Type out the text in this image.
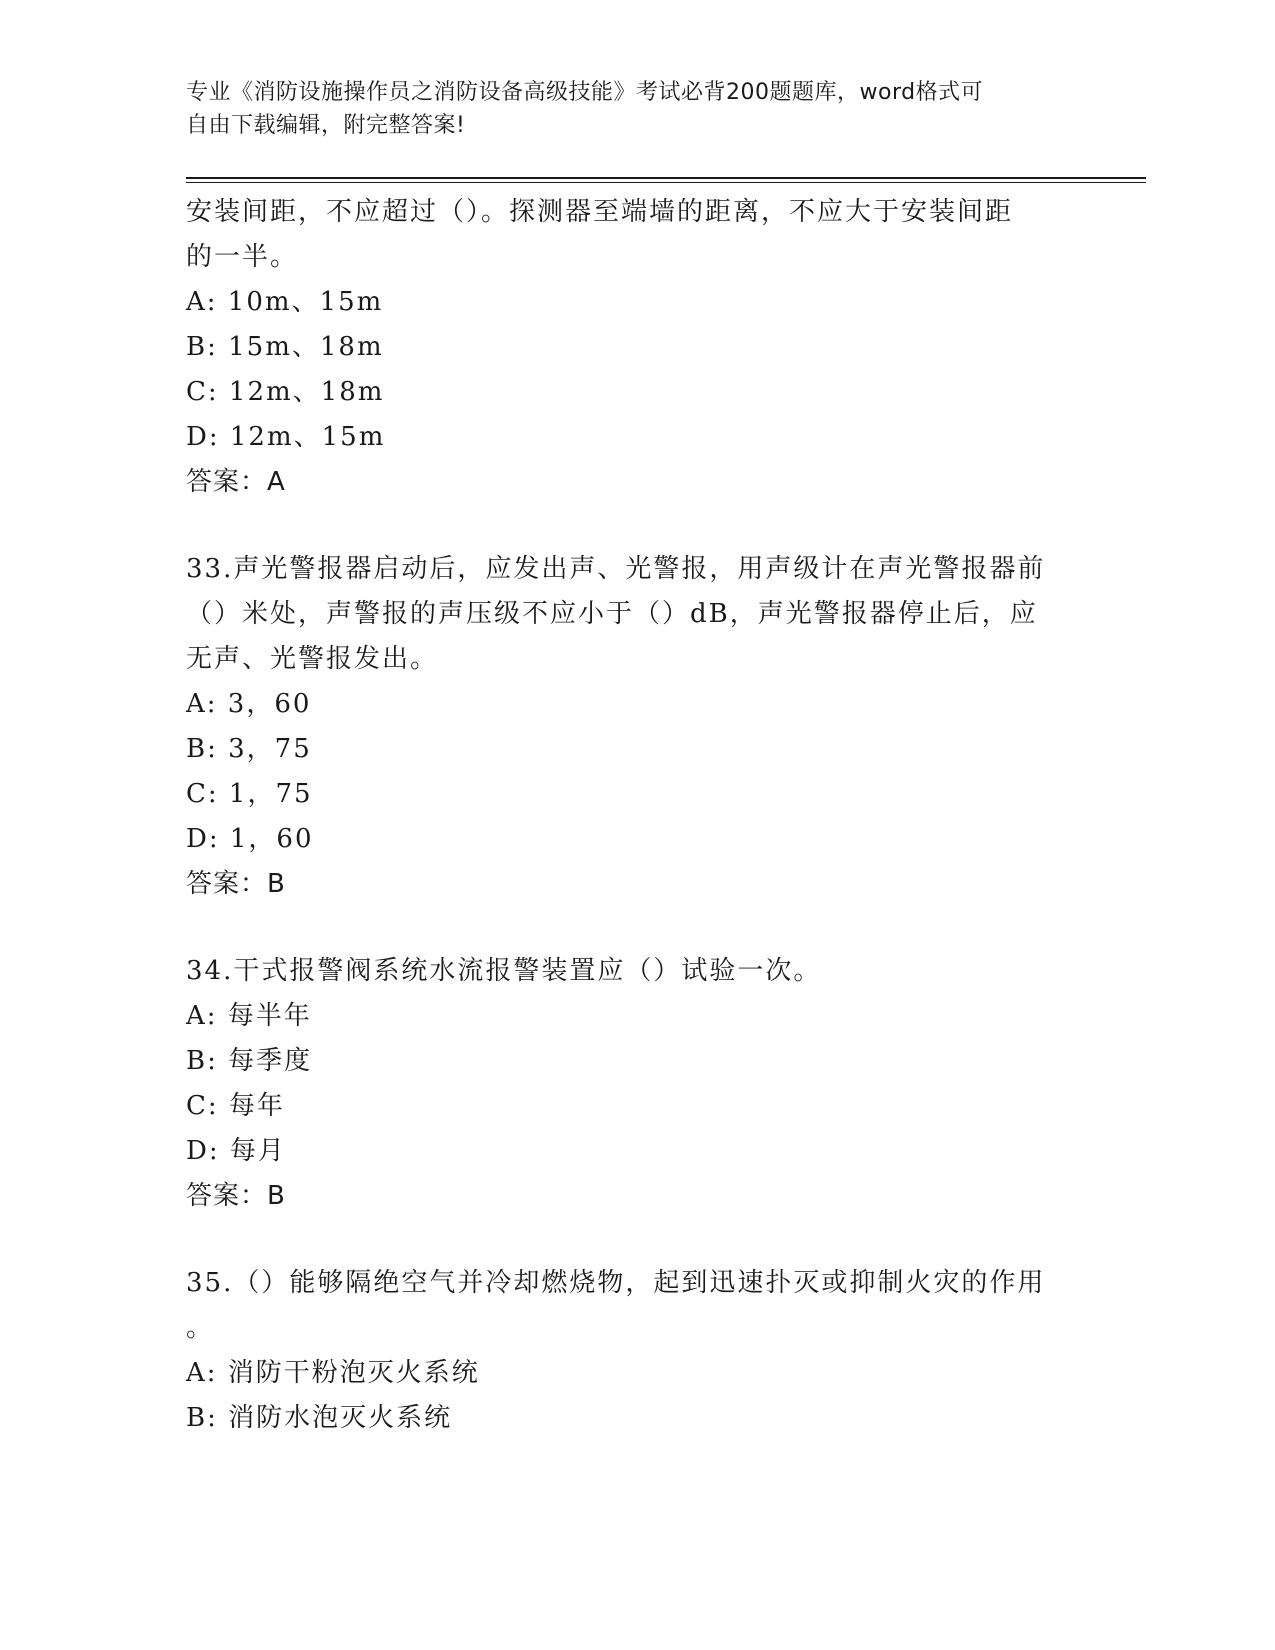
专业《消防设施操作员之消防设备高级技能》考试必背200题题库，word格式可
自由下载编辑，附完整答案!
安装间距，不应超过（）。探测器至端墙的距离，不应大于安装间距
的一半。
A: 10m、15m
B: 15m、18m
C: 12m、18m
D: 12m、15m
答案：A
33.声光警报器启动后，应发出声、光警报，用声级计在声光警报器前
（）米处，声警报的声压级不应小于（）dB，声光警报器停止后，应
无声、光警报发出。
A: 3，60
B: 3，75
C: 1，75
D: 1，60
答案：B
34.干式报警阀系统水流报警装置应（）试验一次。
A: 每半年
B: 每季度
C: 每年
D: 每月
答案：B
35.（）能够隔绝空气并冷却燃烧物，起到迅速扑灭或抑制火灾的作用
。
A: 消防干粉泡灭火系统
B: 消防水泡灭火系统
